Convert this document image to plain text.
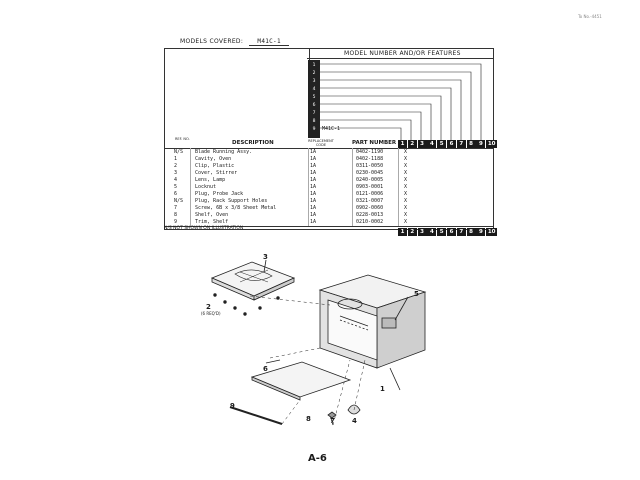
To No.-4451
MODELS COVERED: M41C-1
MODEL NUMBER AND/OR FEATURES
1
2
3
4
5
6
7
8
9	M41C-1
REF. NO.
DESCRIPTION	REPLACEMENT CODE	PART NUMBER 1	2	3	4	5	6	7	8	9 10
N/S Blade Running Assy.	1A	0402-1190	X
1	Cavity, Oven	1A	0402-1188	X
2	Clip, Plastic	1A	0311-0050	X
3	Cover, Stirrer	1A	0230-0045	X
4	Lens, Lamp	1A	0240-0005	X
5	Locknut	1A	0903-0001	X
6	Plug, Probe Jack	1A	0121-0006	X
N/S Plug, Rack Support Holes	1A	0321-0007	X
7	Screw, 6B x 3/8 Sheet Metal	1A	0902-0060	X
8	Shelf, Oven	1A	0228-0013	X
9	Trim, Shelf	1A	0210-0002	X
N/S NOT SHOWN ON ILLUSTRATION
1	2	3	4	5	6	7	8	9 10
3
2
(6 REQ'D)
5
6
9
8	7 4
1
A-6
